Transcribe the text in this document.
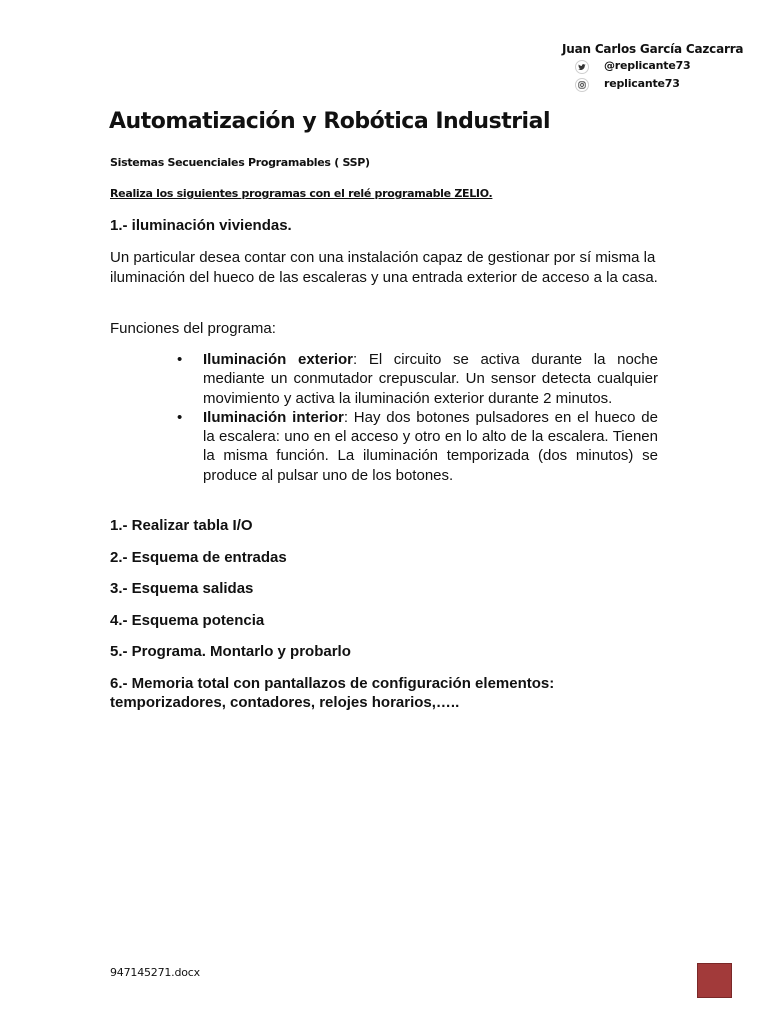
Juan Carlos García Cazcarra
@replicante73
replicante73
Automatización y Robótica Industrial

Sistemas Secuenciales Programables ( SSP)

Realiza los siguientes programas con el relé programable ZELIO.

1.- iluminación viviendas.

Un particular desea contar con una instalación capaz de gestionar por sí misma la iluminación del hueco de las escaleras y una entrada exterior de acceso a la casa.

Funciones del programa:

• Iluminación exterior: El circuito se activa durante la noche mediante un conmutador crepuscular. Un sensor detecta cualquier movimiento y activa la iluminación exterior durante 2 minutos.
• Iluminación interior: Hay dos botones pulsadores en el hueco de la escalera: uno en el acceso y otro en lo alto de la escalera. Tienen la misma función. La iluminación temporizada (dos minutos) se produce al pulsar uno de los botones.

1.- Realizar tabla I/O

2.- Esquema de entradas

3.- Esquema salidas

4.- Esquema potencia

5.- Programa. Montarlo y probarlo

6.- Memoria total con pantallazos de configuración elementos: temporizadores, contadores, relojes horarios,…..

947145271.docx
